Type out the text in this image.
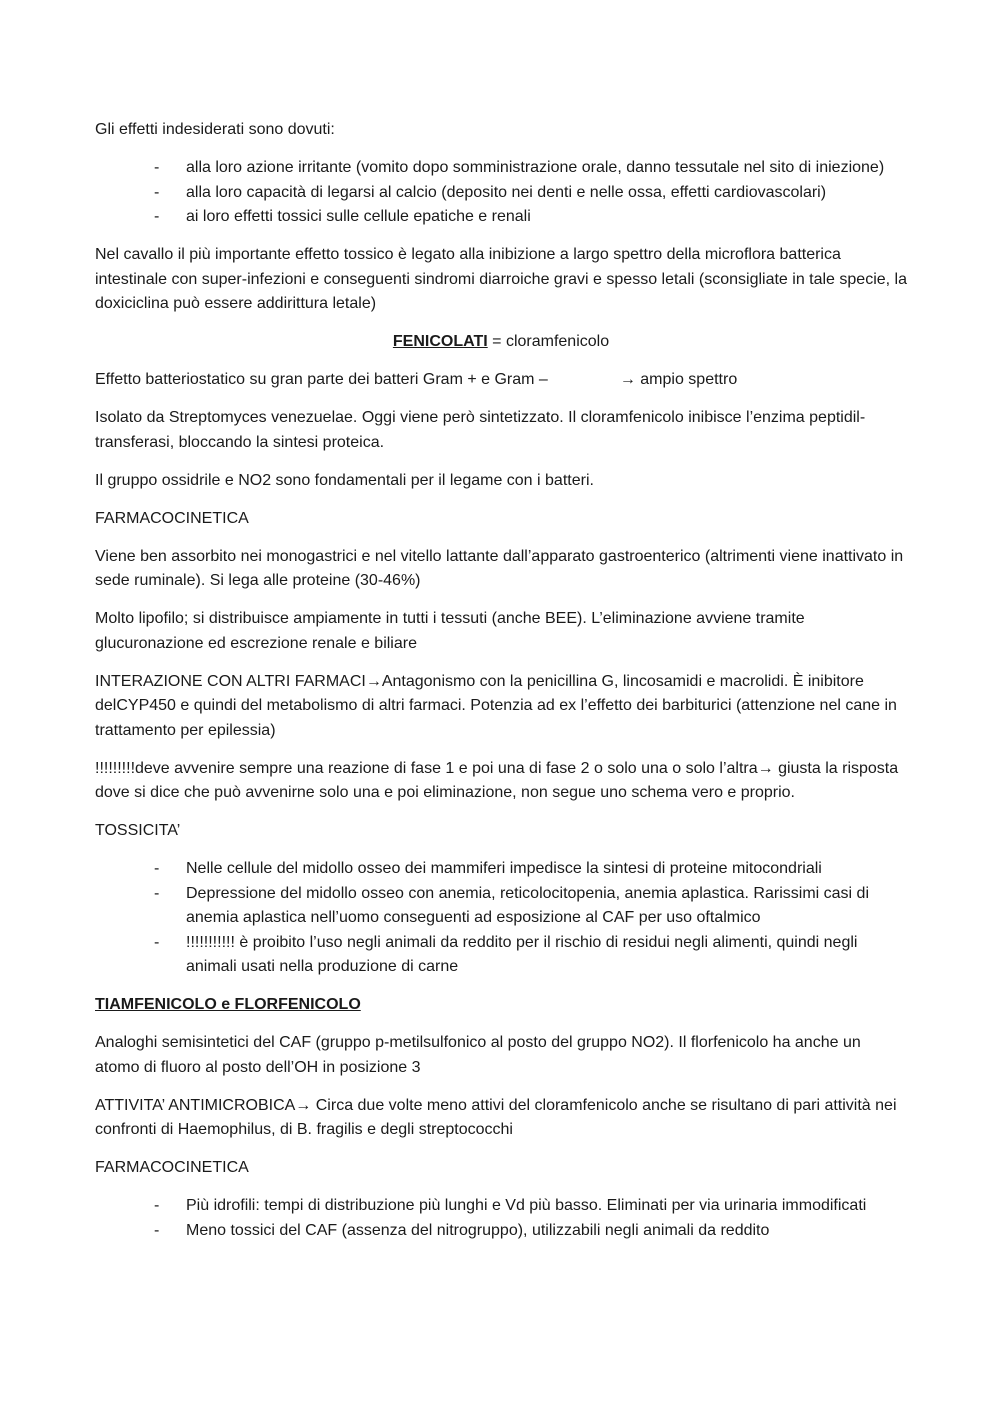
Gli effetti indesiderati sono dovuti:

- alla loro azione irritante (vomito dopo somministrazione orale, danno tessutale nel sito di iniezione)
- alla loro capacità di legarsi al calcio (deposito nei denti e nelle ossa, effetti cardiovascolari)
- ai loro effetti tossici sulle cellule epatiche e renali

Nel cavallo il più importante effetto tossico è legato alla inibizione a largo spettro della microflora batterica intestinale con super-infezioni e conseguenti sindromi diarroiche gravi e spesso letali (sconsigliate in tale specie, la doxiciclina può essere addirittura letale)

FENICOLATI = cloramfenicolo

Effetto batteriostatico su gran parte dei batteri Gram + e Gram –	→ ampio spettro

Isolato da Streptomyces venezuelae. Oggi viene però sintetizzato. Il cloramfenicolo inibisce l’enzima peptidil-transferasi, bloccando la sintesi proteica.

Il gruppo ossidrile e NO2 sono fondamentali per il legame con i batteri.

FARMACOCINETICA

Viene ben assorbito nei monogastrici e nel vitello lattante dall’apparato gastroenterico (altrimenti viene inattivato in sede ruminale). Si lega alle proteine (30-46%)

Molto lipofilo; si distribuisce ampiamente in tutti i tessuti (anche BEE). L’eliminazione avviene tramite glucuronazione ed escrezione renale e biliare

INTERAZIONE CON ALTRI FARMACI→Antagonismo con la penicillina G, lincosamidi e macrolidi. È inibitore delCYP450 e quindi del metabolismo di altri farmaci. Potenzia ad ex l’effetto dei barbiturici (attenzione nel cane in trattamento per epilessia)

!!!!!!!!!deve avvenire sempre una reazione di fase 1 e poi una di fase 2 o solo una o solo l’altra→ giusta la risposta dove si dice che può avvenirne solo una e poi eliminazione, non segue uno schema vero e proprio.

TOSSICITA’

- Nelle cellule del midollo osseo dei mammiferi impedisce la sintesi di proteine mitocondriali
- Depressione del midollo osseo con anemia, reticolocitopenia, anemia aplastica. Rarissimi casi di anemia aplastica nell’uomo conseguenti ad esposizione al CAF per uso oftalmico
- !!!!!!!!!!! è proibito l’uso negli animali da reddito per il rischio di residui negli alimenti, quindi negli animali usati nella produzione di carne

TIAMFENICOLO e FLORFENICOLO

Analoghi semisintetici del CAF (gruppo p-metilsulfonico al posto del gruppo NO2). Il florfenicolo ha anche un atomo di fluoro al posto dell’OH in posizione 3

ATTIVITA’ ANTIMICROBICA→ Circa due volte meno attivi del cloramfenicolo anche se risultano di pari attività nei confronti di Haemophilus, di B. fragilis e degli streptococchi

FARMACOCINETICA

- Più idrofili: tempi di distribuzione più lunghi e Vd più basso. Eliminati per via urinaria immodificati
- Meno tossici del CAF (assenza del nitrogruppo), utilizzabili negli animali da reddito
